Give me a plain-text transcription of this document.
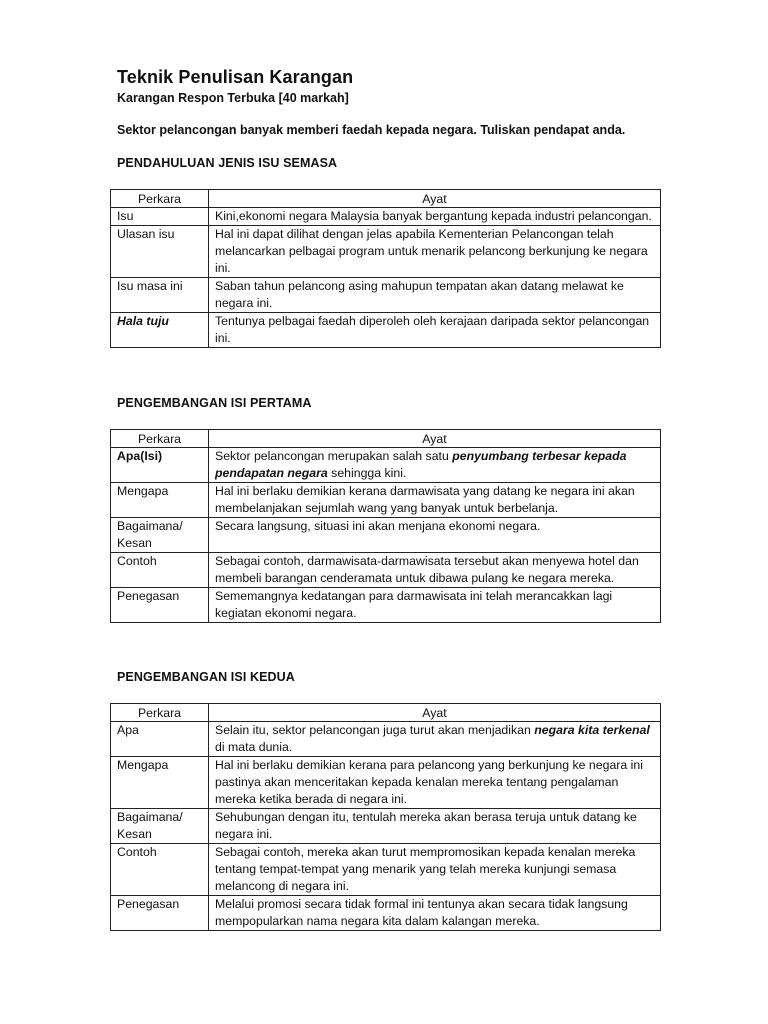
Teknik Penulisan Karangan
Karangan Respon Terbuka [40 markah]
Sektor pelancongan banyak memberi faedah kepada negara. Tuliskan pendapat anda.
PENDAHULUAN JENIS ISU SEMASA
Perkara	Ayat
Isu	Kini,ekonomi negara Malaysia banyak bergantung kepada industri pelancongan.
Ulasan isu	Hal ini dapat dilihat dengan jelas apabila Kementerian Pelancongan telah melancarkan pelbagai program untuk menarik pelancong berkunjung ke negara ini.
Isu masa ini	Saban tahun pelancong asing mahupun tempatan akan datang melawat ke negara ini.
Hala tuju	Tentunya pelbagai faedah diperoleh oleh kerajaan daripada sektor pelancongan ini.
PENGEMBANGAN ISI PERTAMA
Perkara	Ayat
Apa(Isi)	Sektor pelancongan merupakan salah satu penyumbang terbesar kepada pendapatan negara sehingga kini.
Mengapa	Hal ini berlaku demikian kerana darmawisata yang datang ke negara ini akan membelanjakan sejumlah wang yang banyak untuk berbelanja.
Bagaimana/ Kesan	Secara langsung, situasi ini akan menjana ekonomi negara.
Contoh	Sebagai contoh, darmawisata-darmawisata tersebut akan menyewa hotel dan membeli barangan cenderamata untuk dibawa pulang ke negara mereka.
Penegasan	Sememangnya kedatangan para darmawisata ini telah merancakkan lagi kegiatan ekonomi negara.
PENGEMBANGAN ISI KEDUA
Perkara	Ayat
Apa	Selain itu, sektor pelancongan juga turut akan menjadikan negara kita terkenal di mata dunia.
Mengapa	Hal ini berlaku demikian kerana para pelancong yang berkunjung ke negara ini pastinya akan menceritakan kepada kenalan mereka tentang pengalaman mereka ketika berada di negara ini.
Bagaimana/ Kesan	Sehubungan dengan itu, tentulah mereka akan berasa teruja untuk datang ke negara ini.
Contoh	Sebagai contoh, mereka akan turut mempromosikan kepada kenalan mereka tentang tempat-tempat yang menarik yang telah mereka kunjungi semasa melancong di negara ini.
Penegasan	Melalui promosi secara tidak formal ini tentunya akan secara tidak langsung mempopularkan nama negara kita dalam kalangan mereka.
